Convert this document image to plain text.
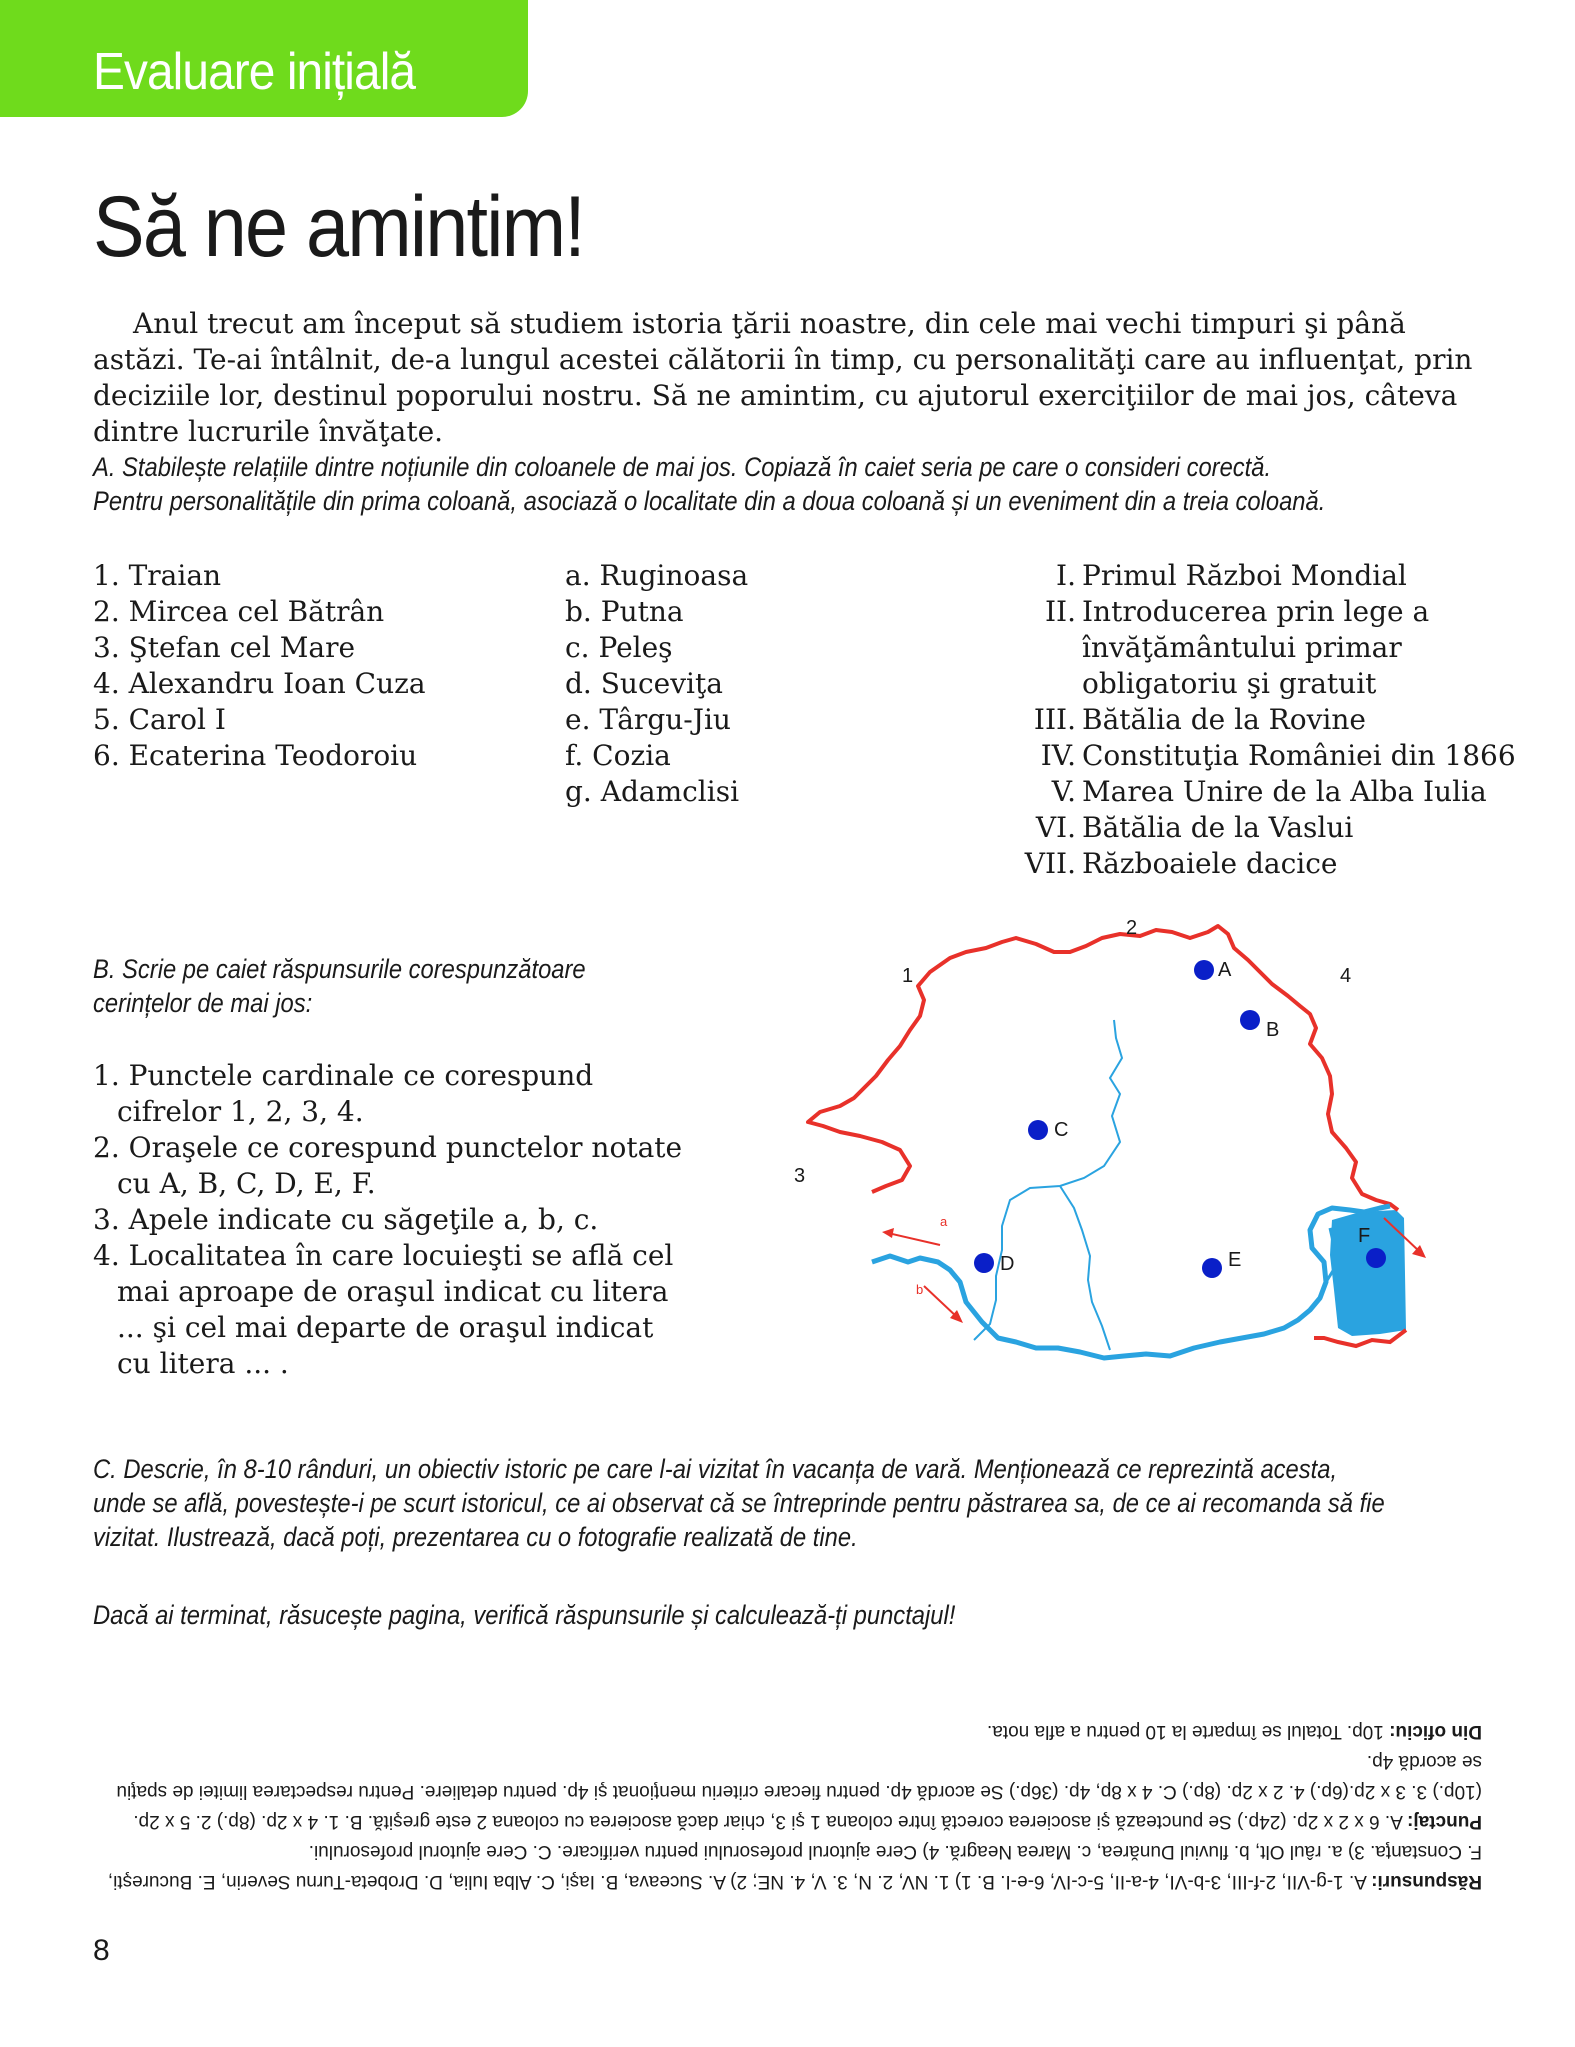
Evaluare inițială
Să ne amintim!

Anul trecut am început să studiem istoria ţării noastre, din cele mai vechi timpuri şi până astăzi. Te-ai întâlnit, de-a lungul acestei călătorii în timp, cu personalităţi care au influenţat, prin deciziile lor, destinul poporului nostru. Să ne amintim, cu ajutorul exerciţiilor de mai jos, câteva dintre lucrurile învăţate.

A. Stabilește relațiile dintre noțiunile din coloanele de mai jos. Copiază în caiet seria pe care o consideri corectă.
Pentru personalitățile din prima coloană, asociază o localitate din a doua coloană și un eveniment din a treia coloană.
1. Traian
2. Mircea cel Bătrân
3. Ştefan cel Mare
4. Alexandru Ioan Cuza
5. Carol I
6. Ecaterina Teodoroiu
a. Ruginoasa
b. Putna
c. Peleş
d. Suceviţa
e. Târgu-Jiu
f. Cozia
g. Adamclisi
I. Primul Război Mondial
II. Introducerea prin lege a
învăţământului primar
obligatoriu şi gratuit
III. Bătălia de la Rovine
IV. Constituţia României din 1866
V. Marea Unire de la Alba Iulia
VI. Bătălia de la Vaslui
VII. Războaiele dacice
B. Scrie pe caiet răspunsurile corespunzătoare
cerințelor de mai jos:
1. Punctele cardinale ce corespund cifrelor 1, 2, 3, 4.
2. Oraşele ce corespund punctelor notate cu A, B, C, D, E, F.
3. Apele indicate cu săgeţile a, b, c.
4. Localitatea în care locuieşti se află cel mai aproape de oraşul indicat cu litera ... şi cel mai departe de oraşul indicat cu litera ... .
1
2
3
4
A
B
C
D	E
F
a
b
c
C. Descrie, în 8-10 rânduri, un obiectiv istoric pe care l-ai vizitat în vacanța de vară. Menționează ce reprezintă acesta,
unde se află, povestește-i pe scurt istoricul, ce ai observat că se întreprinde pentru păstrarea sa, de ce ai recomanda să fie
vizitat. Ilustrează, dacă poți, prezentarea cu o fotografie realizată de tine.
Dacă ai terminat, răsucește pagina, verifică răspunsurile și calculează-ți punctajul!

Răspunsuri: A. 1-g-VII, 2-f-III, 3-b-VI, 4-a-II, 5-c-IV, 6-e-I. B. 1) 1. NV, 2. N, 3. V, 4. NE; 2) A. Suceava, B. Iaşi, C. Alba Iulia, D. Drobeta-Turnu Severin, E. Bucureşti, F. Constanţa. 3) a. râul Olt, b. fluviul Dunărea, c. Marea Neagră. 4) Cere ajutorul profesorului pentru verificare. C. Cere ajutorul profesorului.

Punctaj: A. 6 x 2 x 2p. (24p.) Se punctează şi asocierea corectă între coloana 1 şi 3, chiar dacă asocierea cu coloana 2 este greşită. B. 1. 4 x 2p. (8p.) 2. 5 x 2p. (10p.) 3. 3 x 2p.(6p.) 4. 2 x 2p. (8p.) C. 4 x 8p, 4p. (36p.) Se acordă 4p. pentru fiecare criteriu menţionat şi 4p. pentru detaliere. Pentru respectarea limitei de spaţiu se acordă 4p.

Din oficiu: 10p. Totalul se împarte la 10 pentru a afla nota.

8
